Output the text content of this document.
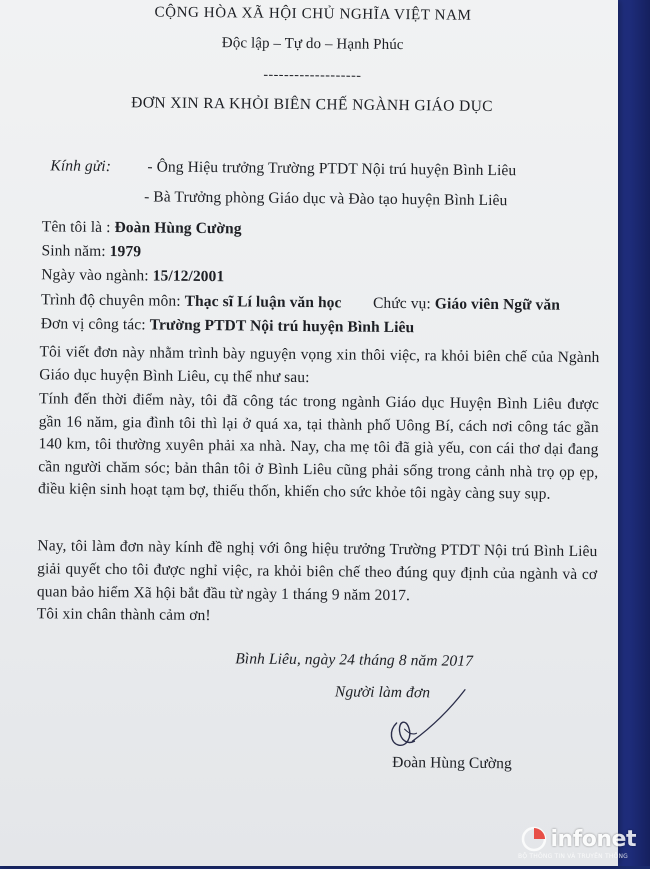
CỘNG HÒA XÃ HỘI CHỦ NGHĨA VIỆT NAM
Độc lập – Tự do – Hạnh Phúc
-------------------
ĐƠN XIN RA KHỎI BIÊN CHẾ NGÀNH GIÁO DỤC
Kính gửi: - Ông Hiệu trưởng Trường PTDT Nội trú huyện Bình Liêu
- Bà Trưởng phòng Giáo dục và Đào tạo huyện Bình Liêu
Tên tôi là : Đoàn Hùng Cường
Sinh năm: 1979
Ngày vào ngành: 15/12/2001
Trình độ chuyên môn: Thạc sĩ Lí luận văn học Chức vụ: Giáo viên Ngữ văn
Đơn vị công tác: Trường PTDT Nội trú huyện Bình Liêu
Tôi viết đơn này nhằm trình bày nguyện vọng xin thôi việc, ra khỏi biên chế của Ngành Giáo dục huyện Bình Liêu, cụ thể như sau:
Tính đến thời điểm này, tôi đã công tác trong ngành Giáo dục Huyện Bình Liêu được gần 16 năm, gia đình tôi thì lại ở quá xa, tại thành phố Uông Bí, cách nơi công tác gần 140 km, tôi thường xuyên phải xa nhà. Nay, cha mẹ tôi đã già yếu, con cái thơ dại đang cần người chăm sóc; bản thân tôi ở Bình Liêu cũng phải sống trong cảnh nhà trọ ọp ẹp, điều kiện sinh hoạt tạm bợ, thiếu thốn, khiến cho sức khỏe tôi ngày càng suy sụp.
Nay, tôi làm đơn này kính đề nghị với ông hiệu trưởng Trường PTDT Nội trú Bình Liêu giải quyết cho tôi được nghỉ việc, ra khỏi biên chế theo đúng quy định của ngành và cơ quan bảo hiểm Xã hội bắt đầu từ ngày 1 tháng 9 năm 2017.
Tôi xin chân thành cảm ơn!
Bình Liêu, ngày 24 tháng 8 năm 2017
Người làm đơn
Đoàn Hùng Cường
infonet
BỘ THÔNG TIN VÀ TRUYỀN THÔNG
